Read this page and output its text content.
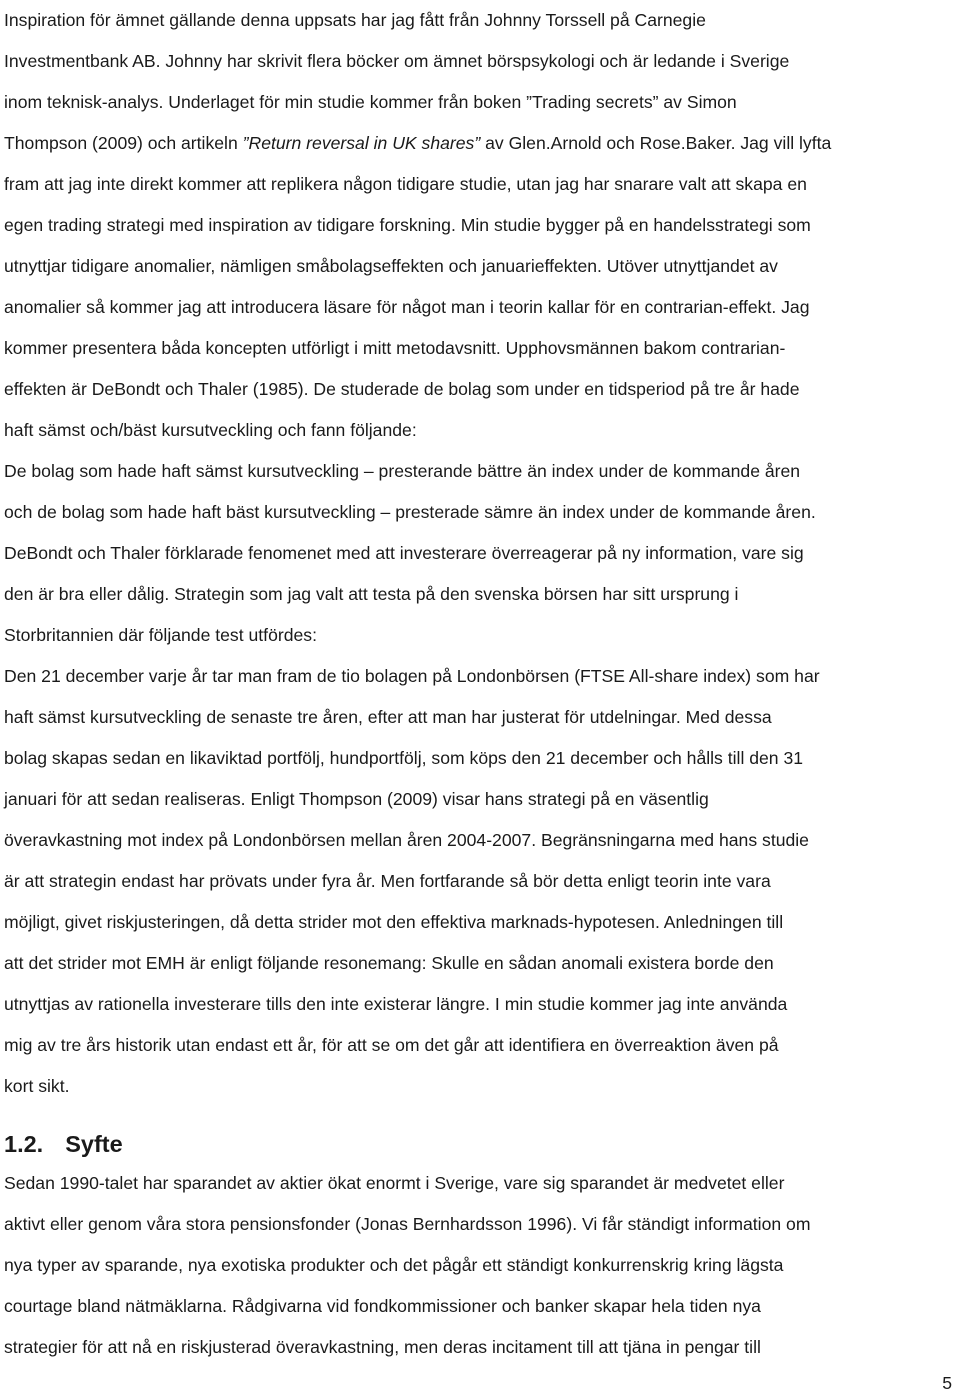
Inspiration för ämnet gällande denna uppsats har jag fått från Johnny Torssell på Carnegie
Investmentbank AB. Johnny har skrivit flera böcker om ämnet börspsykologi och är ledande i Sverige
inom teknisk-analys. Underlaget för min studie kommer från boken ”Trading secrets” av Simon
Thompson (2009) och artikeln ”Return reversal in UK shares” av Glen.Arnold och Rose.Baker. Jag vill lyfta
fram att jag inte direkt kommer att replikera någon tidigare studie, utan jag har snarare valt att skapa en
egen trading strategi med inspiration av tidigare forskning. Min studie bygger på en handelsstrategi som
utnyttjar tidigare anomalier, nämligen småbolagseffekten och januarieffekten. Utöver utnyttjandet av
anomalier så kommer jag att introducera läsare för något man i teorin kallar för en contrarian-effekt. Jag
kommer presentera båda koncepten utförligt i mitt metodavsnitt. Upphovsmännen bakom contrarian-
effekten är DeBondt och Thaler (1985). De studerade de bolag som under en tidsperiod på tre år hade
haft sämst och/bäst kursutveckling och fann följande:
De bolag som hade haft sämst kursutveckling – presterande bättre än index under de kommande åren
och de bolag som hade haft bäst kursutveckling – presterade sämre än index under de kommande åren.
DeBondt och Thaler förklarade fenomenet med att investerare överreagerar på ny information, vare sig
den är bra eller dålig. Strategin som jag valt att testa på den svenska börsen har sitt ursprung i
Storbritannien där följande test utfördes:
Den 21 december varje år tar man fram de tio bolagen på Londonbörsen (FTSE All-share index) som har
haft sämst kursutveckling de senaste tre åren, efter att man har justerat för utdelningar. Med dessa
bolag skapas sedan en likaviktad portfölj, hundportfölj, som köps den 21 december och hålls till den 31
januari för att sedan realiseras. Enligt Thompson (2009) visar hans strategi på en väsentlig
överavkastning mot index på Londonbörsen mellan åren 2004-2007. Begränsningarna med hans studie
är att strategin endast har prövats under fyra år. Men fortfarande så bör detta enligt teorin inte vara
möjligt, givet riskjusteringen, då detta strider mot den effektiva marknads-hypotesen. Anledningen till
att det strider mot EMH är enligt följande resonemang: Skulle en sådan anomali existera borde den
utnyttjas av rationella investerare tills den inte existerar längre. I min studie kommer jag inte använda
mig av tre års historik utan endast ett år, för att se om det går att identifiera en överreaktion även på
kort sikt.
1.2. Syfte
Sedan 1990-talet har sparandet av aktier ökat enormt i Sverige, vare sig sparandet är medvetet eller
aktivt eller genom våra stora pensionsfonder (Jonas Bernhardsson 1996). Vi får ständigt information om
nya typer av sparande, nya exotiska produkter och det pågår ett ständigt konkurrenskrig kring lägsta
courtage bland nätmäklarna. Rådgivarna vid fondkommissioner och banker skapar hela tiden nya
strategier för att nå en riskjusterad överavkastning, men deras incitament till att tjäna in pengar till
5
